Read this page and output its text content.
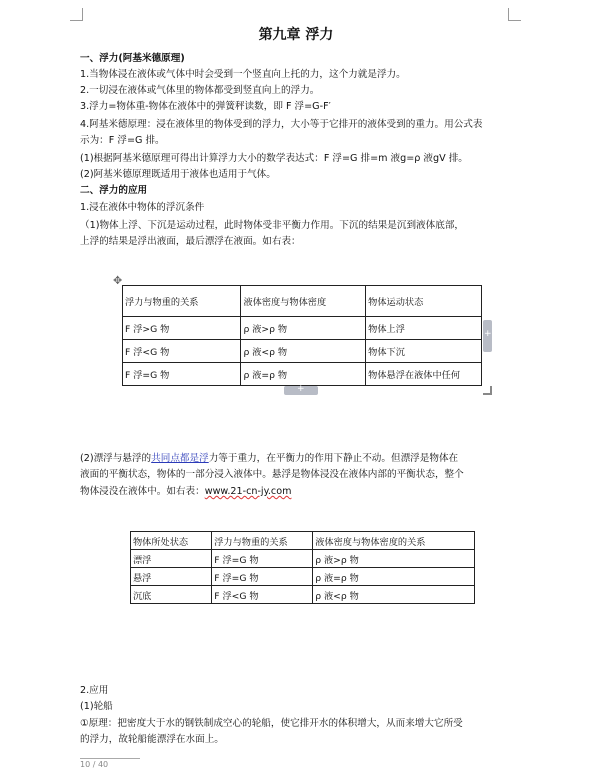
第九章 浮力
一、浮力(阿基米德原理)
1.当物体浸在液体或气体中时会受到一个竖直向上托的力，这个力就是浮力。
2.一切浸在液体或气体里的物体都受到竖直向上的浮力。
3.浮力=物体重-物体在液体中的弹簧秤读数，即 F 浮=G-F′
4.阿基米德原理：浸在液体里的物体受到的浮力，大小等于它排开的液体受到的重力。用公式表
示为：F 浮=G 排。
(1)根据阿基米德原理可得出计算浮力大小的数学表达式：F 浮=G 排=m 液g=ρ 液gV 排。
(2)阿基米德原理既适用于液体也适用于气体。
二、浮力的应用
1.浸在液体中物体的浮沉条件
（1)物体上浮、下沉是运动过程，此时物体受非平衡力作用。下沉的结果是沉到液体底部，
上浮的结果是浮出液面，最后漂浮在液面。如右表：
✥
浮力与物重的关系	液体密度与物体密度	物体运动状态
F 浮>G 物	ρ 液>ρ 物	物体上浮
F 浮<G 物	ρ 液<ρ 物	物体下沉
F 浮=G 物	ρ 液=ρ 物	物体悬浮在液体中任何
+
+
(2)漂浮与悬浮的共同点都是浮力等于重力，在平衡力的作用下静止不动。但漂浮是物体在
液面的平衡状态，物体的一部分浸入液体中。悬浮是物体浸没在液体内部的平衡状态，整个
物体浸没在液体中。如右表：www.21-cn-jy.com
物体所处状态	浮力与物重的关系	液体密度与物体密度的关系
漂浮	F 浮=G 物	ρ 液>ρ 物
悬浮	F 浮=G 物	ρ 液=ρ 物
沉底	F 浮<G 物	ρ 液<ρ 物
2.应用
(1)轮船
①原理：把密度大于水的钢铁制成空心的轮船，使它排开水的体积增大，从而来增大它所受
的浮力，故轮船能漂浮在水面上。
10 / 40
